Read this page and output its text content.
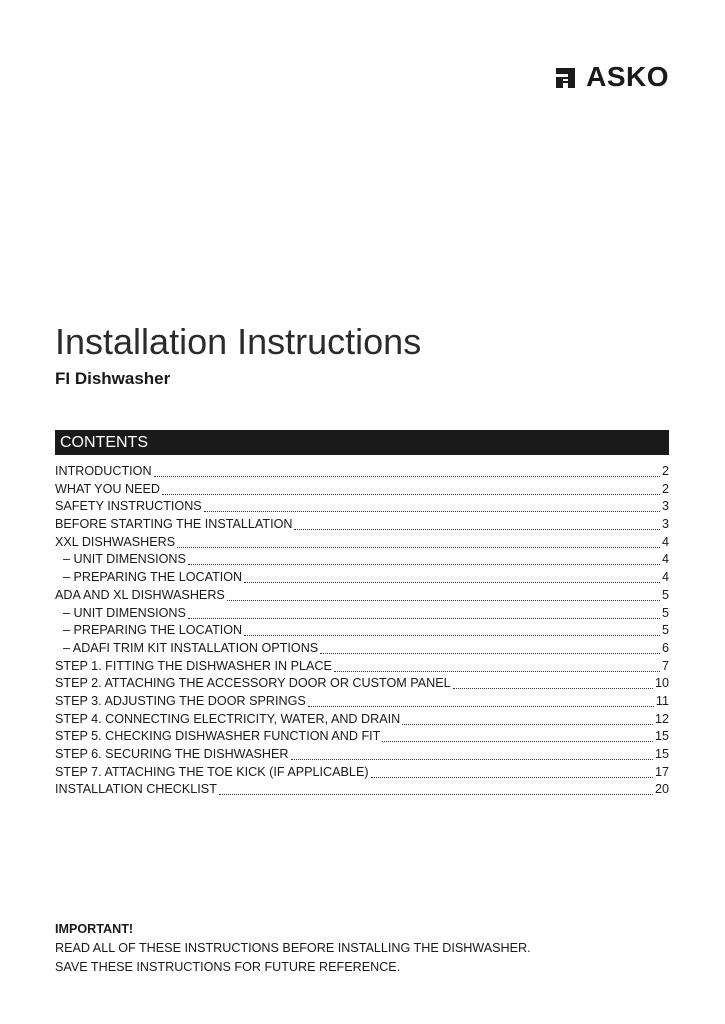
ASKO
Installation Instructions
FI Dishwasher
CONTENTS
INTRODUCTION	2
WHAT YOU NEED	2
SAFETY INSTRUCTIONS	3
BEFORE STARTING THE INSTALLATION	3
XXL DISHWASHERS	4
– UNIT DIMENSIONS	4
– PREPARING THE LOCATION	4
ADA AND XL DISHWASHERS	5
– UNIT DIMENSIONS	5
– PREPARING THE LOCATION	5
– ADAFI TRIM KIT INSTALLATION OPTIONS	6
STEP 1. FITTING THE DISHWASHER IN PLACE	7
STEP 2. ATTACHING THE ACCESSORY DOOR OR CUSTOM PANEL	10
STEP 3. ADJUSTING THE DOOR SPRINGS	11
STEP 4. CONNECTING ELECTRICITY, WATER, AND DRAIN	12
STEP 5. CHECKING DISHWASHER FUNCTION AND FIT	15
STEP 6. SECURING THE DISHWASHER	15
STEP 7. ATTACHING THE TOE KICK (IF APPLICABLE)	17
INSTALLATION CHECKLIST	20
IMPORTANT!
READ ALL OF THESE INSTRUCTIONS BEFORE INSTALLING THE DISHWASHER.
SAVE THESE INSTRUCTIONS FOR FUTURE REFERENCE.
